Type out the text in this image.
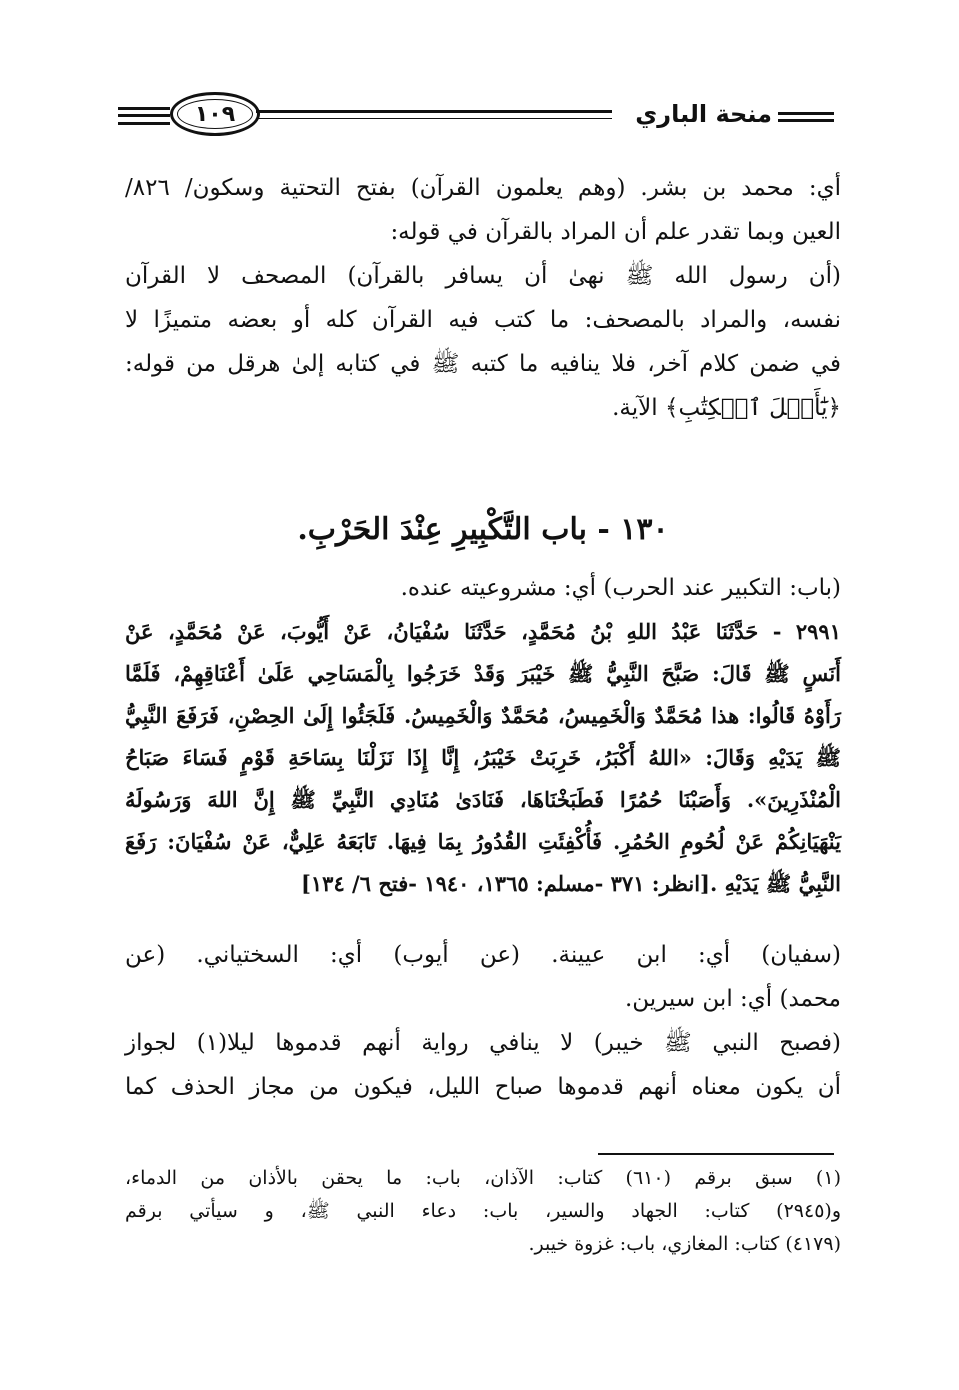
منحة الباري
١٠٩
أي: محمد بن بشر. (وهم يعلمون القرآن) بفتح التحتية وسكون/ ٨٢٦/
العين وبما تقدر علم أن المراد بالقرآن في قوله:
(أن رسول الله ﷺ نهىٰ أن يسافر بالقرآن) المصحف لا القرآن
نفسه، والمراد بالمصحف: ما كتب فيه القرآن كله أو بعضه متميزًا لا
في ضمن كلام آخر، فلا ينافيه ما كتبه ﷺ في كتابه إلىٰ هرقل من قوله:
﴿يَٰٓأَهۡلَ ٱلۡكِتَٰبِ﴾ الآية.
١٣٠ - باب التَّكْبِيرِ عِنْدَ الحَرْبِ.
(باب: التكبير عند الحرب) أي: مشروعيته عنده.
٢٩٩١ - حَدَّثَنَا عَبْدُ اللهِ بْنُ مُحَمَّدٍ، حَدَّثَنَا سُفْيَانُ، عَنْ أَيُّوبَ، عَنْ مُحَمَّدٍ، عَنْ
أَنَسٍ ﷺ قَالَ: صَبَّحَ النَّبِيُّ ﷺ خَيْبَرَ وَقَدْ خَرَجُوا بِالْمَسَاحِي عَلَىٰ أَعْنَاقِهِمْ، فَلَمَّا
رَأَوْهُ قَالُوا: هذا مُحَمَّدٌ وَالْخَمِيسُ، مُحَمَّدٌ وَالْخَمِيسُ. فَلَجَئُوا إِلَىٰ الحِصْنِ، فَرَفَعَ النَّبِيُّ
ﷺ يَدَيْهِ وَقَالَ: «اللهُ أَكْبَرُ، خَرِبَتْ خَيْبَرُ، إِنَّا إِذَا نَزَلْنَا بِسَاحَةِ قَوْمٍ فَسَاءَ صَبَاحُ
الْمُنْذَرِينَ». وَأَصَبْنَا حُمُرًا فَطَبَخْنَاهَا، فَنَادَىٰ مُنَادِي النَّبِيِّ ﷺ إِنَّ اللهَ وَرَسُولَهُ
يَنْهَيَانِكُمْ عَنْ لُحُومِ الحُمُرِ. فَأُكْفِئَتِ القُدُورُ بِمَا فِيهَا. تَابَعَهُ عَلِيٌّ، عَنْ سُفْيَانَ: رَفَعَ
النَّبِيُّ ﷺ يَدَيْهِ .[انظر: ٣٧١ -مسلم: ١٣٦٥، ١٩٤٠ -فتح ٦/ ١٣٤]
(سفيان) أي: ابن عيينة. (عن أيوب) أي: السختياني. (عن
محمد) أي: ابن سيرين.
(فصبح النبي ﷺ خيبر) لا ينافي رواية أنهم قدموها ليلا(١) لجواز
أن يكون معناه أنهم قدموها صباح الليل، فيكون من مجاز الحذف كما
(١) سبق برقم (٦١٠) كتاب: الآذان، باب: ما يحقن بالأذان من الدماء،
و(٢٩٤٥) كتاب: الجهاد والسير، باب: دعاء النبي ﷺ، و سيأتي برقم
(٤١٧٩) كتاب: المغازي، باب: غزوة خيبر.
